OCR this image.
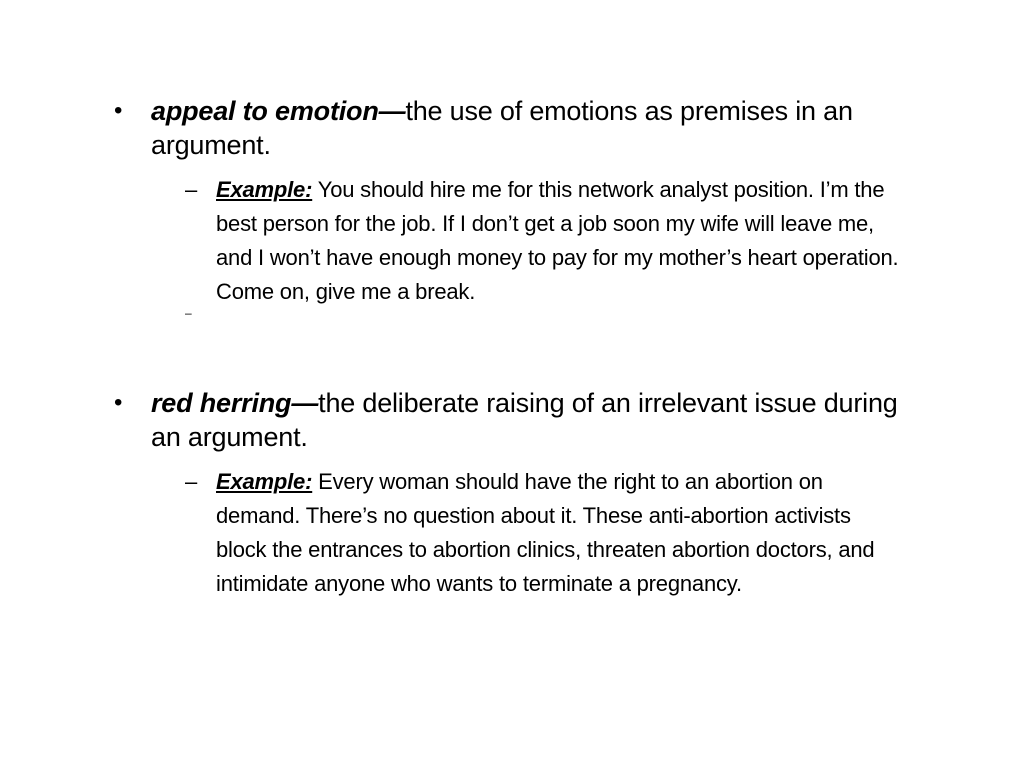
• appeal to emotion—the use of emotions as premises in an argument.
– Example: You should hire me for this network analyst position. I’m the best person for the job. If I don’t get a job soon my wife will leave me, and I won’t have enough money to pay for my mother’s heart operation. Come on, give me a break.
–
• red herring—the deliberate raising of an irrelevant issue during an argument.
– Example: Every woman should have the right to an abortion on demand. There’s no question about it. These anti-abortion activists block the entrances to abortion clinics, threaten abortion doctors, and intimidate anyone who wants to terminate a pregnancy.
